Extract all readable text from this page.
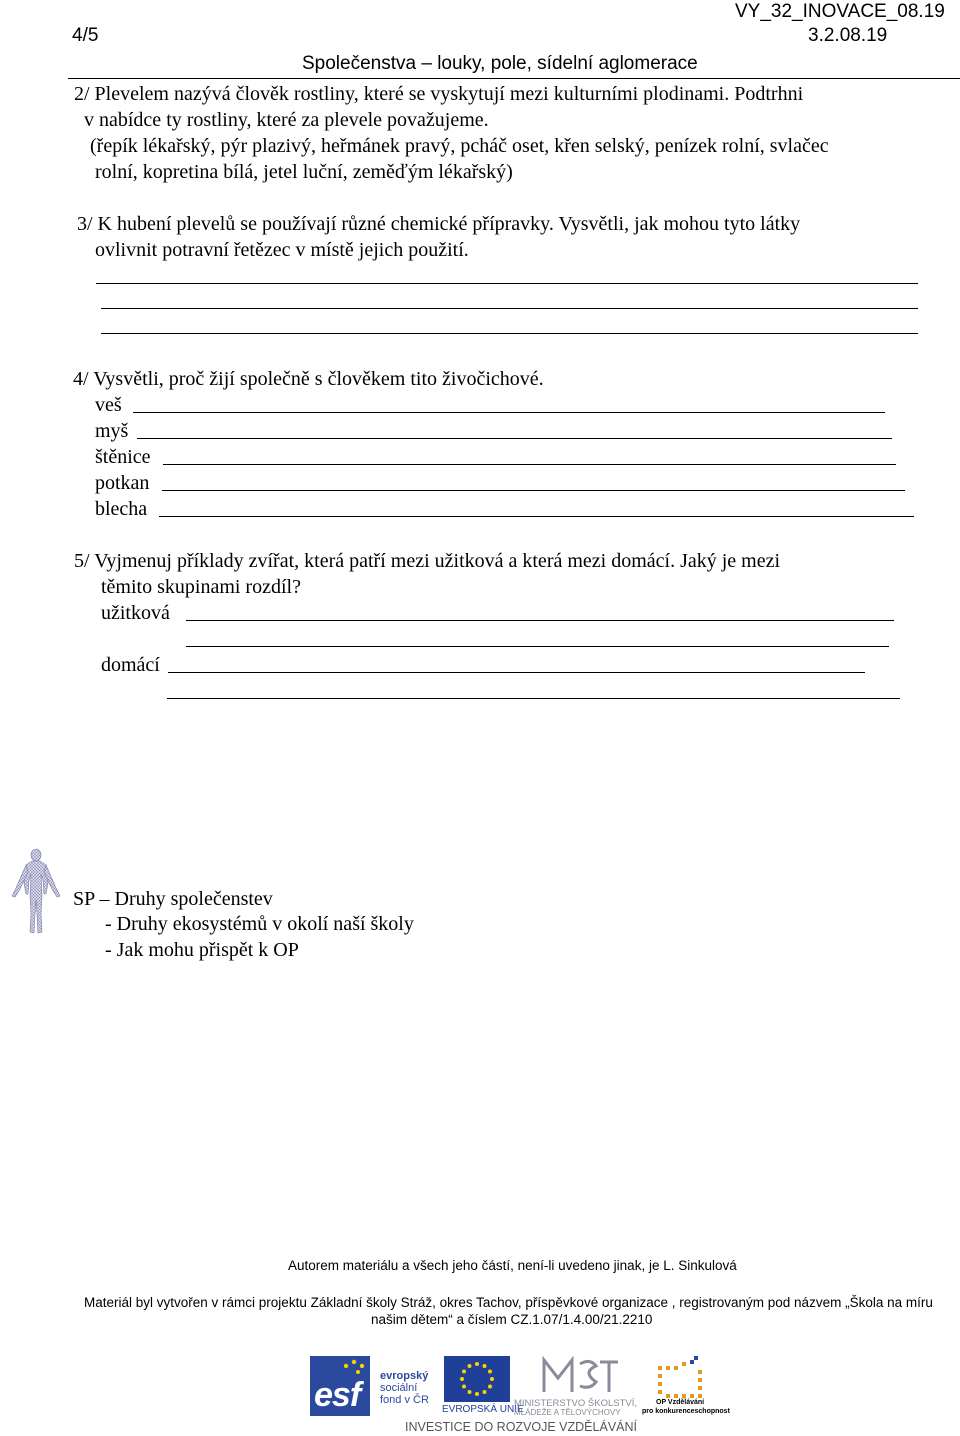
VY_32_INOVACE_08.19
4/5	3.2.08.19
Společenstva – louky, pole, sídelní aglomerace
2/ Plevelem nazývá člověk rostliny, které se vyskytují mezi kulturními plodinami. Podtrhni
v nabídce ty rostliny, které za plevele považujeme.
(řepík lékařský, pýr plazivý, heřmánek pravý, pcháč oset, křen selský, penízek rolní, svlačec
rolní, kopretina bílá, jetel luční, zeměďým lékařský)
3/ K hubení plevelů se používají různé chemické přípravky. Vysvětli, jak mohou tyto látky
ovlivnit potravní řetězec v místě jejich použití.
4/ Vysvětli, proč žijí společně s člověkem tito živočichové.
veš
myš
štěnice
potkan
blecha
5/ Vyjmenuj příklady zvířat, která patří mezi užitková a která mezi domácí. Jaký je mezi
těmito skupinami rozdíl?
užitková
domácí
SP – Druhy společenstev
- Druhy ekosystémů v okolí naší školy
- Jak mohu přispět k OP
Autorem materiálu a všech jeho částí, není-li uvedeno jinak, je L. Sinkulová
Materiál byl vytvořen v rámci projektu Základní školy Stráž, okres Tachov, příspěvkové organizace , registrovaným pod názvem „Škola na míru
našim dětem“ a číslem CZ.1.07/1.4.00/21.2210
esf evropský
sociální
fond v ČR
EVROPSKÁ UNIE
MINISTERSTVO ŠKOLSTVÍ,
MLÁDEŽE A TĚLOVÝCHOVY
OP Vzdělávání
pro konkurenceschopnost
INVESTICE DO ROZVOJE VZDĚLÁVÁNÍ
